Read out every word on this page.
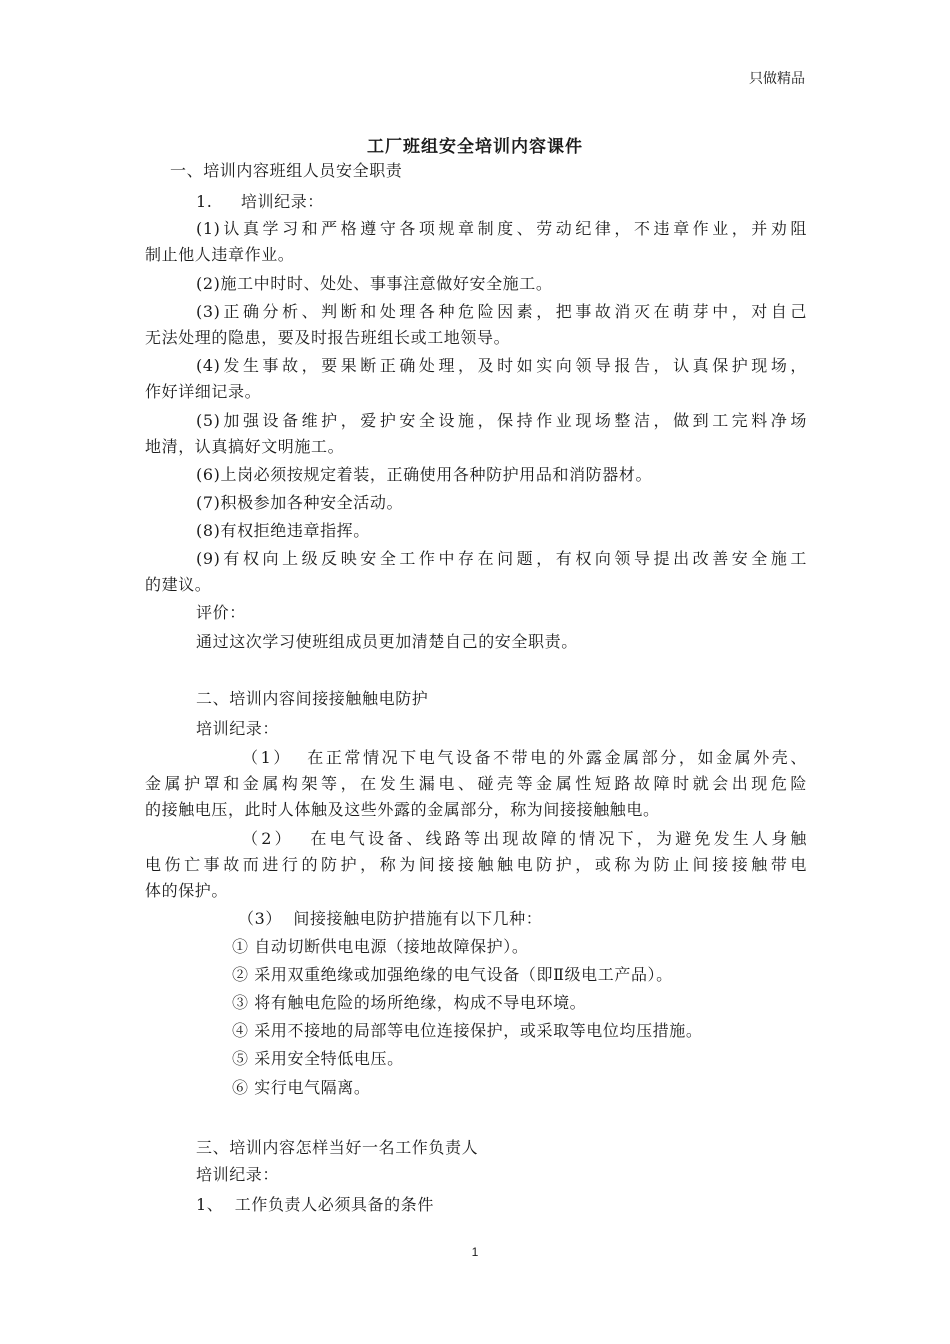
只做精品
工厂班组安全培训内容课件
一、培训内容班组人员安全职责
1.     培训纪录：
(1)认真学习和严格遵守各项规章制度、劳动纪律，不违章作业，并劝阻
制止他人违章作业。
(2)施工中时时、处处、事事注意做好安全施工。
(3)正确分析、判断和处理各种危险因素，把事故消灭在萌芽中，对自己
无法处理的隐患，要及时报告班组长或工地领导。
(4)发生事故，要果断正确处理，及时如实向领导报告，认真保护现场，
作好详细记录。
(5)加强设备维护，爱护安全设施，保持作业现场整洁，做到工完料净场
地清，认真搞好文明施工。
(6)上岗必须按规定着装，正确使用各种防护用品和消防器材。
(7)积极参加各种安全活动。
(8)有权拒绝违章指挥。
(9)有权向上级反映安全工作中存在问题，有权向领导提出改善安全施工
的建议。
评价：
通过这次学习使班组成员更加清楚自己的安全职责。
二、培训内容间接接触触电防护
培训纪录：
（1）  在正常情况下电气设备不带电的外露金属部分，如金属外壳、
金属护罩和金属构架等，在发生漏电、碰壳等金属性短路故障时就会出现危险
的接触电压，此时人体触及这些外露的金属部分，称为间接接触触电。
（2）  在电气设备、线路等出现故障的情况下，为避免发生人身触
电伤亡事故而进行的防护，称为间接接触触电防护，或称为防止间接接触带电
体的保护。
（3）  间接接触电防护措施有以下几种：
① 自动切断供电电源（接地故障保护）。
② 采用双重绝缘或加强绝缘的电气设备（即Ⅱ级电工产品）。
③ 将有触电危险的场所绝缘，构成不导电环境。
④ 采用不接地的局部等电位连接保护，或采取等电位均压措施。
⑤ 采用安全特低电压。
⑥ 实行电气隔离。
三、培训内容怎样当好一名工作负责人
培训纪录：
1、  工作负责人必须具备的条件
1
